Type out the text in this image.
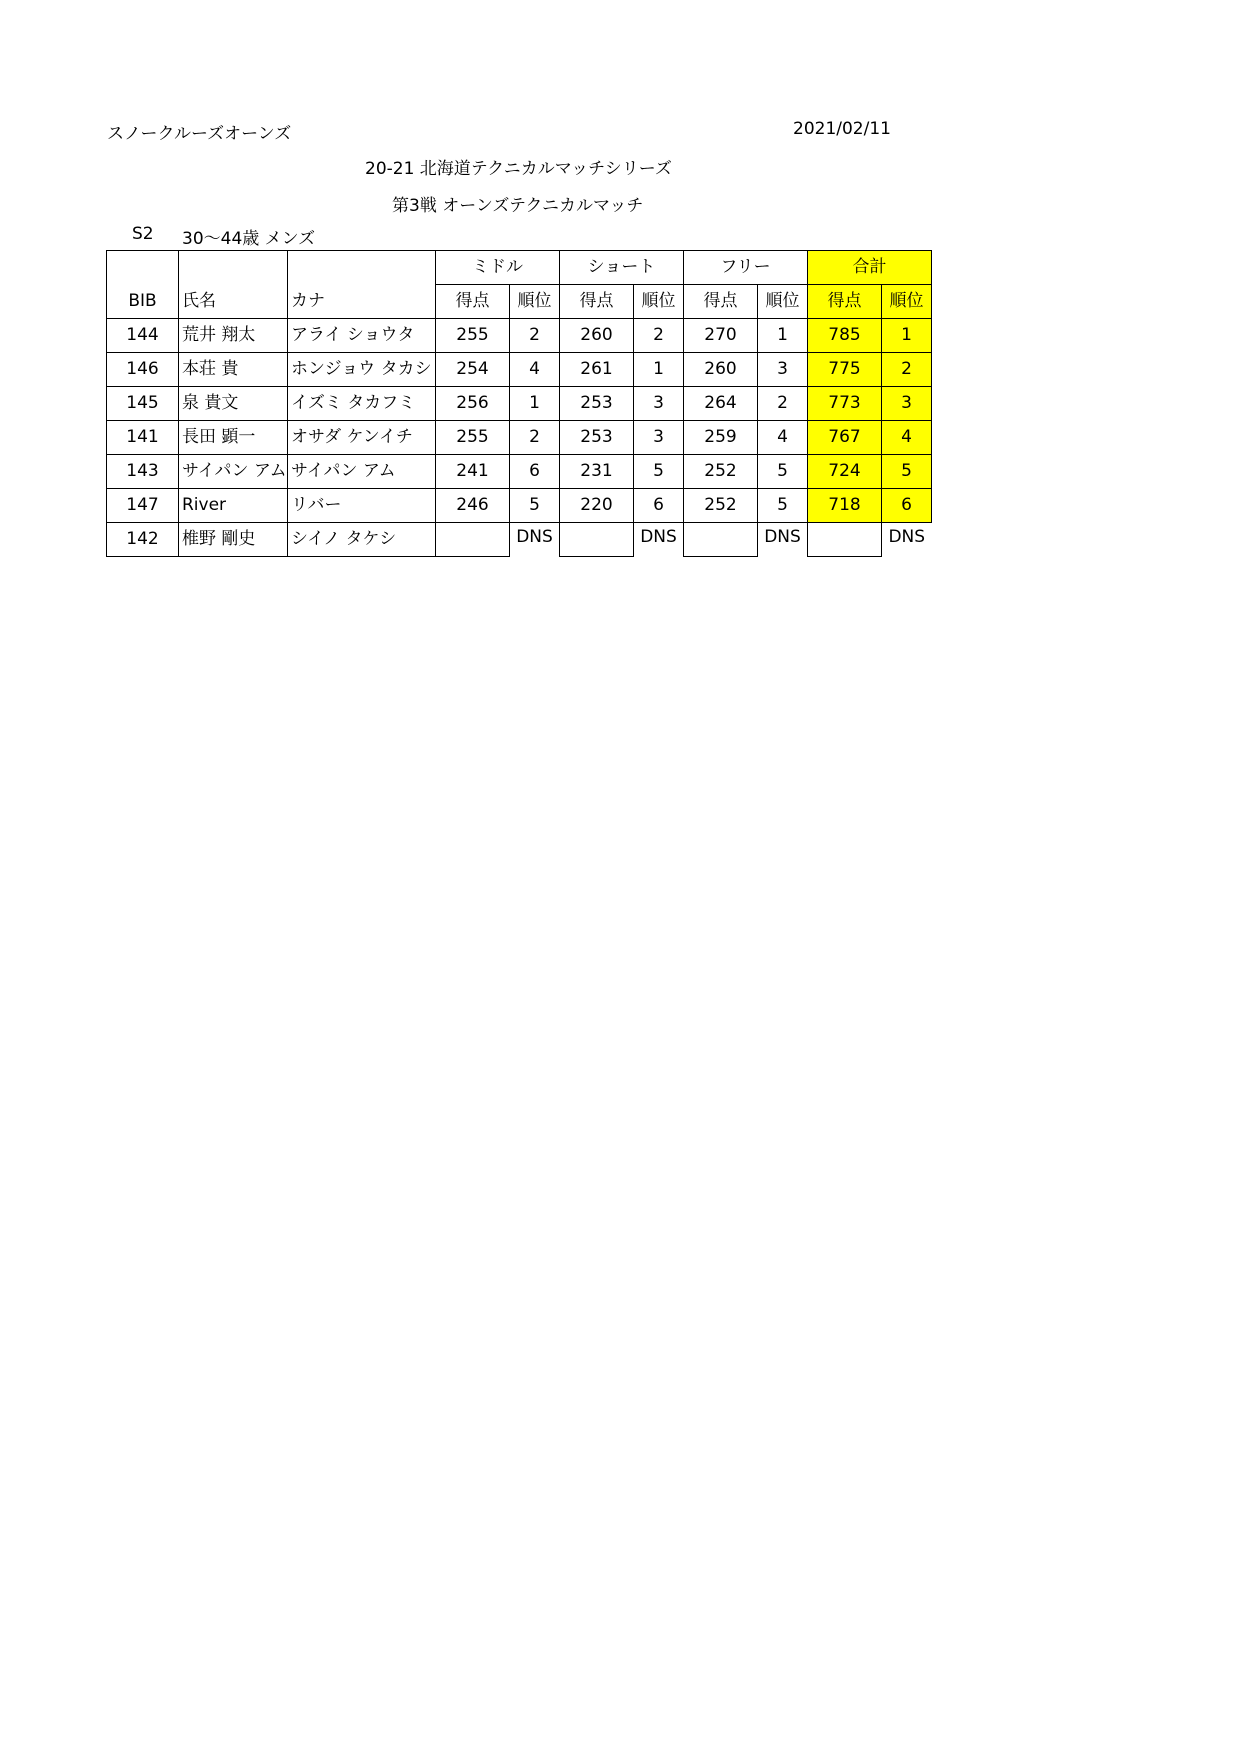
スノークルーズオーンズ	2021/02/11
20-21 北海道テクニカルマッチシリーズ
第3戦 オーンズテクニカルマッチ
S2 30～44歳 メンズ
BIB	氏名	カナ	ミドル		ショート		フリー		合計	
			得点	順位	得点	順位	得点	順位	得点	順位
144	荒井 翔太	アライ ショウタ	255	2	260	2	270	1	785	1
146	本荘 貴	ホンジョウ タカシ	254	4	261	1	260	3	775	2
145	泉 貴文	イズミ タカフミ	256	1	253	3	264	2	773	3
141	長田 顕一	オサダ ケンイチ	255	2	253	3	259	4	767	4
143	サイパン アム	サイパン アム	241	6	231	5	252	5	724	5
147	River	リバー	246	5	220	6	252	5	718	6
142	椎野 剛史	シイノ タケシ		DNS		DNS		DNS		DNS
